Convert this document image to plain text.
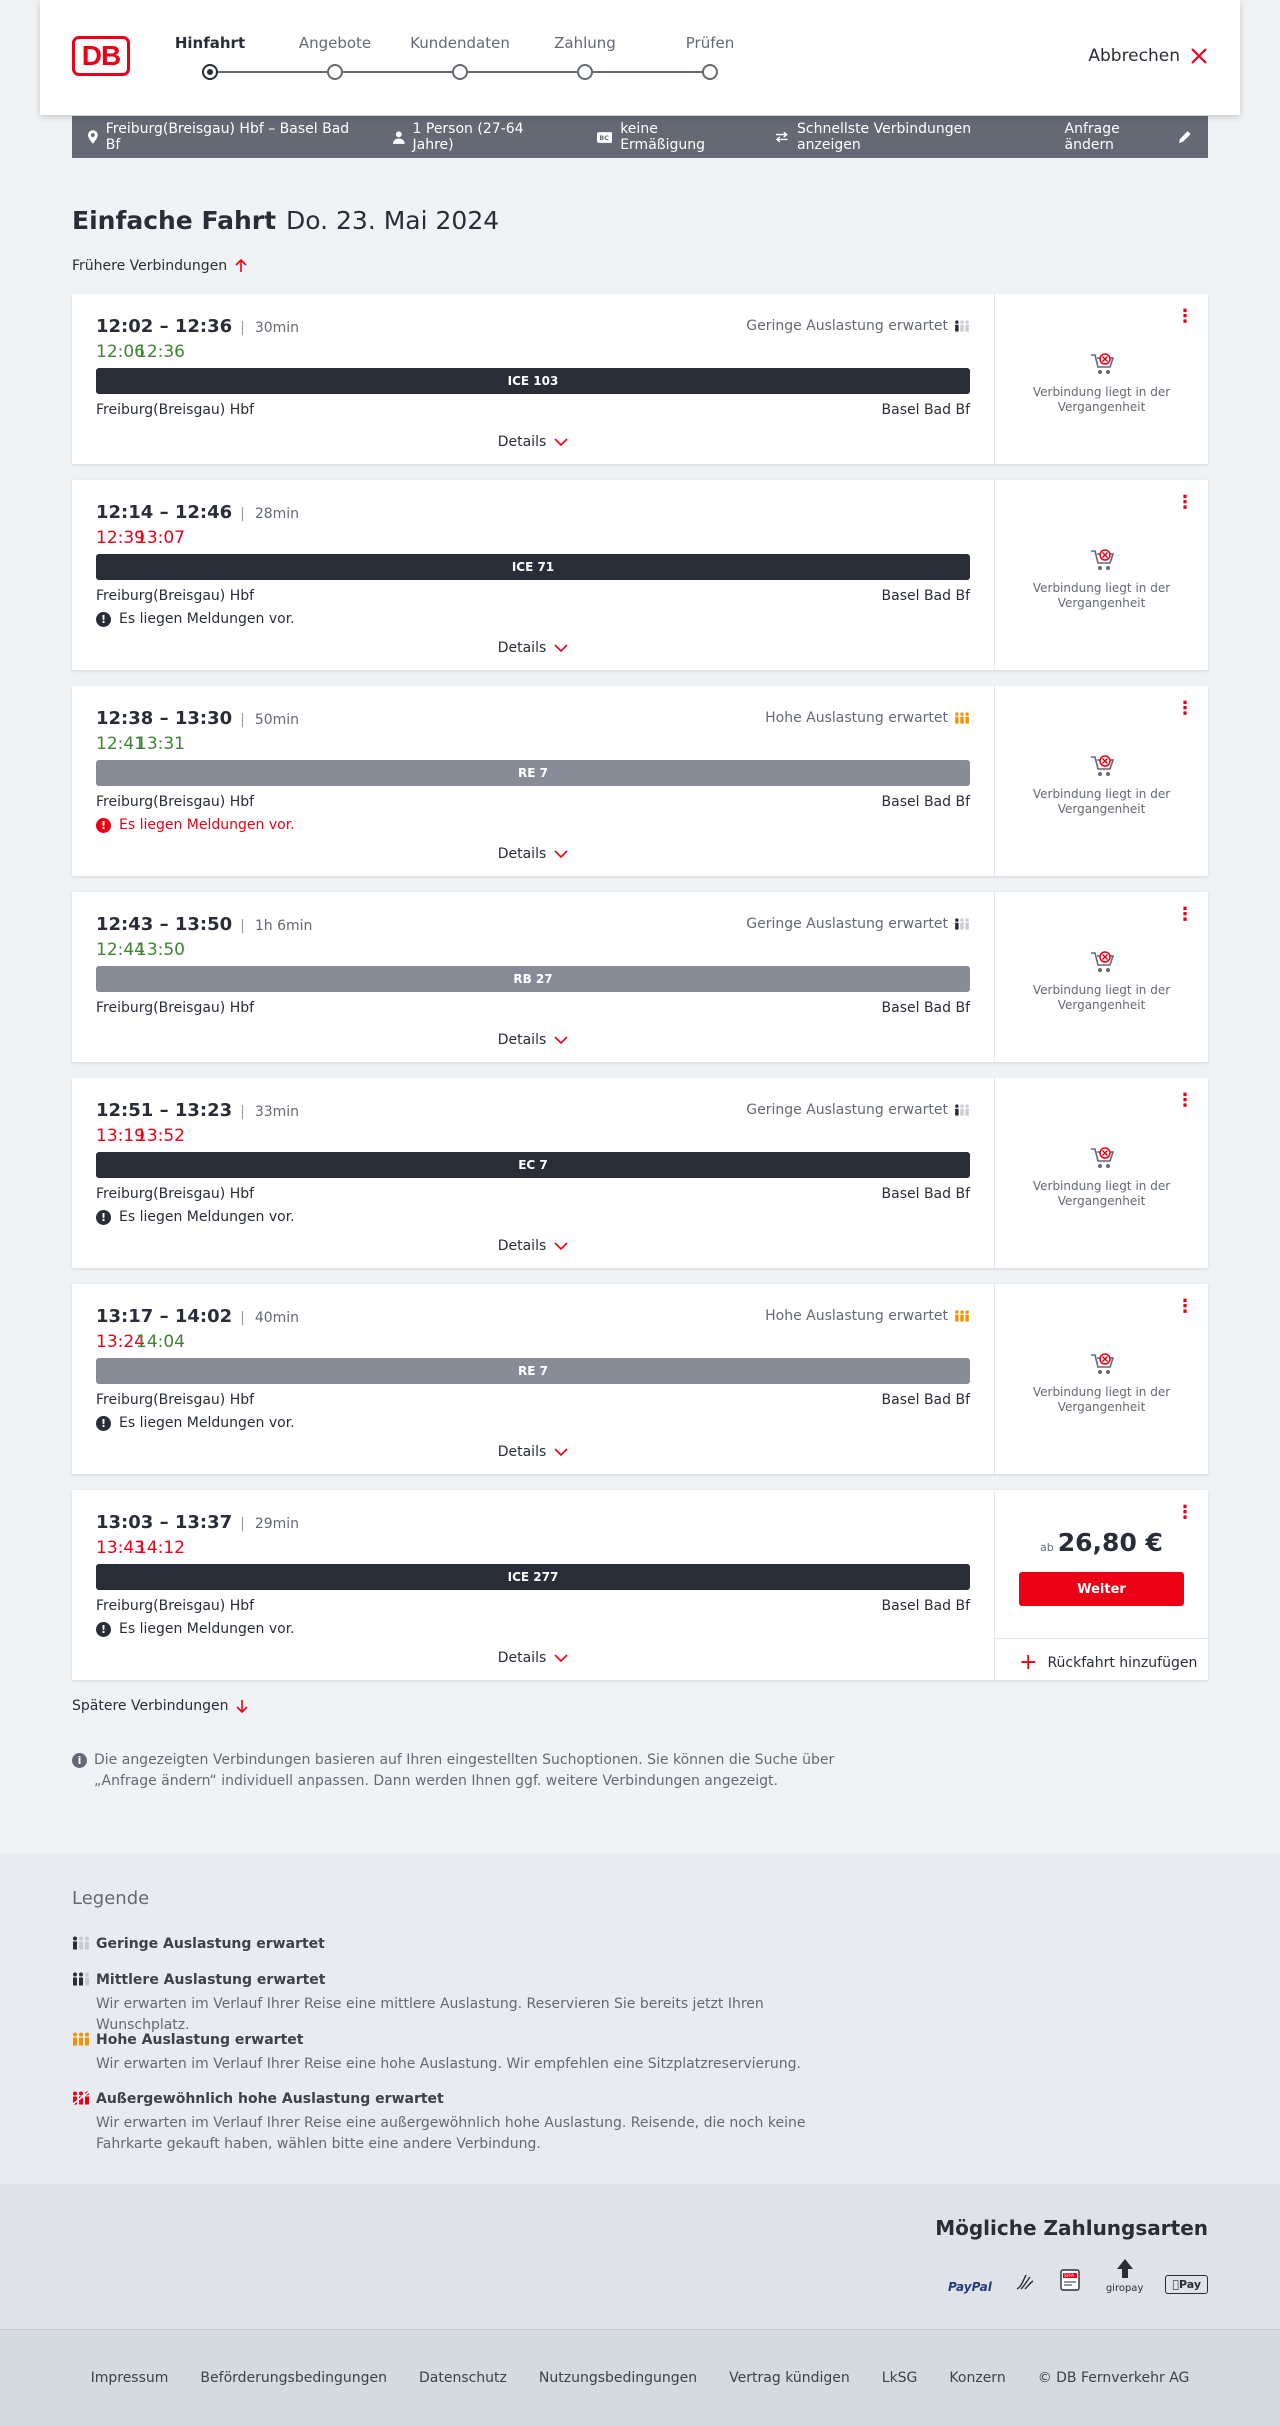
DB	Hinfahrt	Angebote	Kundendaten	Zahlung	Prüfen
Abbrechen
Freiburg(Breisgau) Hbf – Basel Bad Bf
1 Person (27-64 Jahre)	BC
keine Ermäßigung
Schnellste Verbindungen anzeigen
Anfrage ändern
Einfache Fahrt Do. 23. Mai 2024
Frühere Verbindungen
12:02 – 12:36 | 30min
12:06
12:36
Geringe Auslastung erwartet
ICE 103
Freiburg(Breisgau) Hbf	Basel Bad Bf
Details
⋮
Verbindung liegt in der Vergangenheit
12:14 – 12:46 | 28min
12:39
13:07
ICE 71
Freiburg(Breisgau) Hbf	Basel Bad Bf
! Es liegen Meldungen vor.
Details
⋮
Verbindung liegt in der Vergangenheit
12:38 – 13:30 | 50min
12:41
13:31
Hohe Auslastung erwartet
RE 7
Freiburg(Breisgau) Hbf	Basel Bad Bf
! Es liegen Meldungen vor.
Details
⋮
Verbindung liegt in der Vergangenheit
12:43 – 13:50 | 1h 6min
12:44
13:50
Geringe Auslastung erwartet
RB 27
Freiburg(Breisgau) Hbf	Basel Bad Bf
Details
⋮
Verbindung liegt in der Vergangenheit
12:51 – 13:23 | 33min
13:19
13:52
Geringe Auslastung erwartet
EC 7
Freiburg(Breisgau) Hbf	Basel Bad Bf
! Es liegen Meldungen vor.
Details
⋮
Verbindung liegt in der Vergangenheit
13:17 – 14:02 | 40min
13:24
14:04
Hohe Auslastung erwartet
RE 7
Freiburg(Breisgau) Hbf	Basel Bad Bf
! Es liegen Meldungen vor.
Details
⋮
Verbindung liegt in der Vergangenheit
13:03 – 13:37 | 29min
13:43
14:12
ICE 277
Freiburg(Breisgau) Hbf	Basel Bad Bf
! Es liegen Meldungen vor.
Details
⋮
ab 26,80 €
Weiter
+ Rückfahrt hinzufügen
Spätere Verbindungen
i Die angezeigten Verbindungen basieren auf Ihren eingestellten Suchoptionen. Sie können die Suche über „Anfrage ändern“ individuell anpassen. Dann werden Ihnen ggf. weitere Verbindungen angezeigt.
Legende
Geringe Auslastung erwartet
Mittlere Auslastung erwartet
Wir erwarten im Verlauf Ihrer Reise eine mittlere Auslastung. Reservieren Sie bereits jetzt Ihren Wunschplatz.
Hohe Auslastung erwartet
Wir erwarten im Verlauf Ihrer Reise eine hohe Auslastung. Wir empfehlen eine Sitzplatzreservierung.
Außergewöhnlich hohe Auslastung erwartet
Wir erwarten im Verlauf Ihrer Reise eine außergewöhnlich hohe Auslastung. Reisende, die noch keine Fahrkarte gekauft haben, wählen bitte eine andere Verbindung.
Mögliche Zahlungsarten
PayPal
SEPA
giropay	Pay
Impressum Beförderungsbedingungen Datenschutz Nutzungsbedingungen Vertrag kündigen LkSG Konzern © DB Fernverkehr AG
